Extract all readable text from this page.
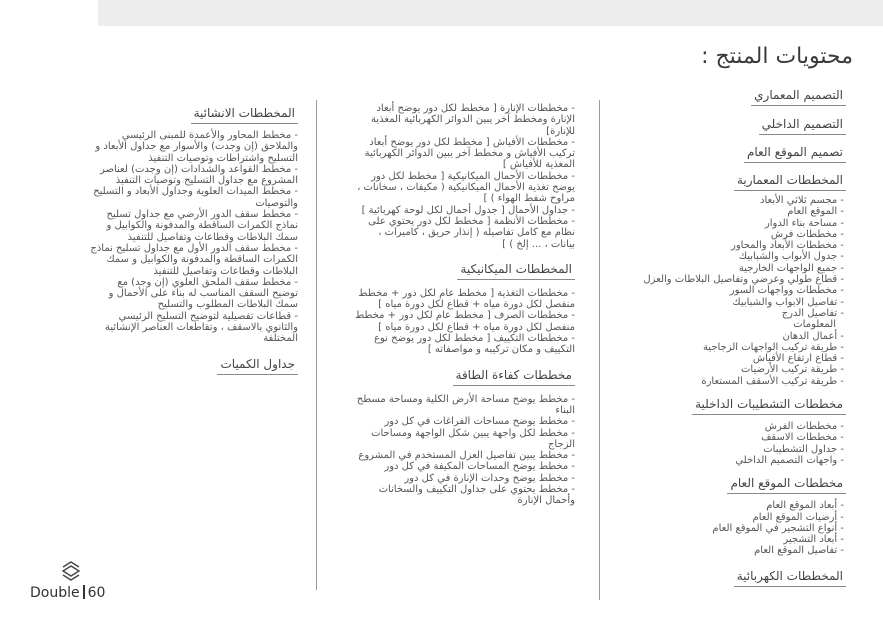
محتويات المنتج :
التصميم المعماري
التصميم الداخلي
تصميم الموقع العام
المخططات المعمارية
- مجسم ثلاثي الأبعاد
- الموقع العام
- مساحة بناء الدوار
- مخططات فرش
- مخططات الأبعاد والمحاور
- جدول الأبواب والشبابيك
- جميع الواجهات الخارجية
- قطاع طولي وعرضي وتفاصيل البلاطات والعزل
- مخططات وواجهات السور
- تفاصيل الابواب والشبابيك
- تفاصيل الدرج
المعلومات
- أعمال الدهان
- طريقة تركيب الواجهات الزجاجية
- قطاع ارتفاع الأفياش
- طريقة تركيب الأرضيات
- طريقة تركيب الأسقف المستعارة
مخططات التشطيبات الداخلية
- مخططات الفرش
- مخططات الاسقف
- جداول التشطيبات
- واجهات التصميم الداخلي
مخططات الموقع العام
- أبعاد الموقع العام
- أرضيات الموقع العام
- أنواع التشجير في الموقع العام
- أبعاد التشجير
- تفاصيل الموقع العام
المخططات الكهربائية
- مخططات الإنارة [ مخطط لكل دور يوضح أبعاد الإنارة ومخطط آخر يبين الدوائر الكهربائية المغذية للإنارة]
- مخططات الأفياش [ مخطط لكل دور يوضح أبعاد تركيب الأفياش و مخطط آخر يبين الدوائر الكهربائية المغذية للأفياش ]
- مخططات الأحمال الميكانيكية [ مخطط لكل دور يوضح تغذية الأحمال الميكانيكية ( مكيفات ، سخانات ، مراوح شفط الهواء ) ]
- جداول الأحمال [ جدول أحمال لكل لوحة كهربائية ]
- مخططات الأنظمة [ مخطط لكل دور يحتوي على نظام مع كامل تفاصيله ( إنذار حريق ، كاميرات ، بيانات ، ... إلخ ) ]
المخططات الميكانيكية
- مخططات التغذية [ مخطط عام لكل دور + مخطط منفصل لكل دورة مياه + قطاع لكل دورة مياه ]
- مخططات الصرف [ مخطط عام لكل دور + مخطط منفصل لكل دورة مياه + قطاع لكل دورة مياه ]
- مخططات التكييف [ مخطط لكل دور يوضح نوع التكييف و مكان تركيبه و مواصفاته ]
مخططات كفاءة الطاقة
- مخطط يوضح مساحة الأرض الكلية ومساحة مسطح البناء
- مخطط يوضح مساحات الفراغات في كل دور
- مخطط لكل واجهة يبين شكل الواجهة ومساحات الزجاج
- مخطط يبين تفاصيل العزل المستخدم في المشروع
- مخطط يوضح المساحات المكيفة في كل دور
- مخطط يوضح وحدات الإنارة في كل دور
- مخطط يحتوي على جداول التكييف والسخانات وأحمال الإنارة
المخططات الانشائية
- مخطط المحاور والأعمدة للمبنى الرئيسي والملاحق (إن وجدت) والأسوار مع جداول الأبعاد و التسليح واشتراطات وتوصيات التنفيذ
- مخطط القواعد والشدادات (إن وجدت) لعناصر المشروع مع جداول التسليح وتوصيات التنفيذ
- مخطط الميدات العلوية وجداول الأبعاد و التسليح والتوصيات
- مخطط سقف الدور الأرضي مع جداول تسليح نماذج الكمرات الساقطة والمدفونة والكوابيل و سمك البلاطات وقطاعات وتفاصيل للتنفيذ
- مخطط سقف الدور الأول مع جداول تسليح نماذج الكمرات الساقطة والمدفونة والكوابيل و سمك البلاطات وقطاعات وتفاصيل للتنفيذ
- مخطط سقف الملحق العلوي (إن وجد) مع توضيح السقف المناسب له بناء على الأحمال و سمك البلاطات المطلوب والتسليح
- قطاعات تفصيلية لتوضيح التسليح الرئيسي والثانوي بالاسقف ، وتقاطعات العناصر الإنشائية المختلفة
جداول الكميات
Double 60
